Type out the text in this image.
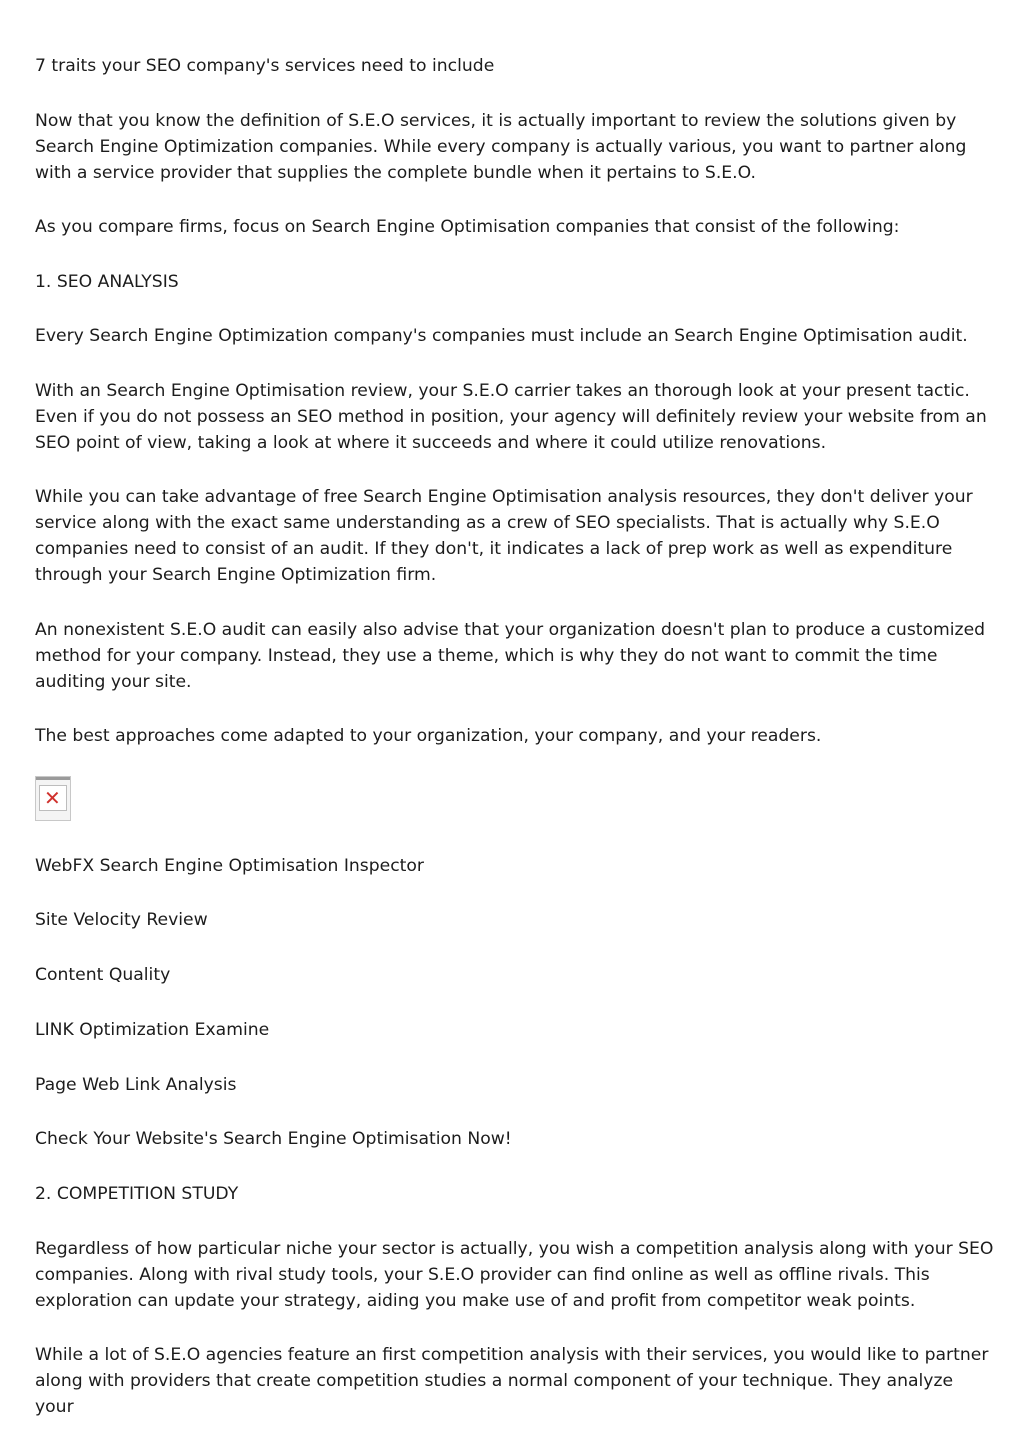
7 traits your SEO company's services need to include

Now that you know the definition of S.E.O services, it is actually important to review the solutions given by Search Engine Optimization companies. While every company is actually various, you want to partner along with a service provider that supplies the complete bundle when it pertains to S.E.O.

As you compare firms, focus on Search Engine Optimisation companies that consist of the following:

1. SEO ANALYSIS

Every Search Engine Optimization company's companies must include an Search Engine Optimisation audit.

With an Search Engine Optimisation review, your S.E.O carrier takes an thorough look at your present tactic. Even if you do not possess an SEO method in position, your agency will definitely review your website from an SEO point of view, taking a look at where it succeeds and where it could utilize renovations.

While you can take advantage of free Search Engine Optimisation analysis resources, they don't deliver your service along with the exact same understanding as a crew of SEO specialists. That is actually why S.E.O companies need to consist of an audit. If they don't, it indicates a lack of prep work as well as expenditure through your Search Engine Optimization firm.

An nonexistent S.E.O audit can easily also advise that your organization doesn't plan to produce a customized method for your company. Instead, they use a theme, which is why they do not want to commit the time auditing your site.

The best approaches come adapted to your organization, your company, and your readers.

✕

WebFX Search Engine Optimisation Inspector

Site Velocity Review

Content Quality

LINK Optimization Examine

Page Web Link Analysis

Check Your Website's Search Engine Optimisation Now!

2. COMPETITION STUDY

Regardless of how particular niche your sector is actually, you wish a competition analysis along with your SEO companies. Along with rival study tools, your S.E.O provider can find online as well as offline rivals. This exploration can update your strategy, aiding you make use of and profit from competitor weak points.

While a lot of S.E.O agencies feature an first competition analysis with their services, you would like to partner along with providers that create competition studies a normal component of your technique. They analyze your
